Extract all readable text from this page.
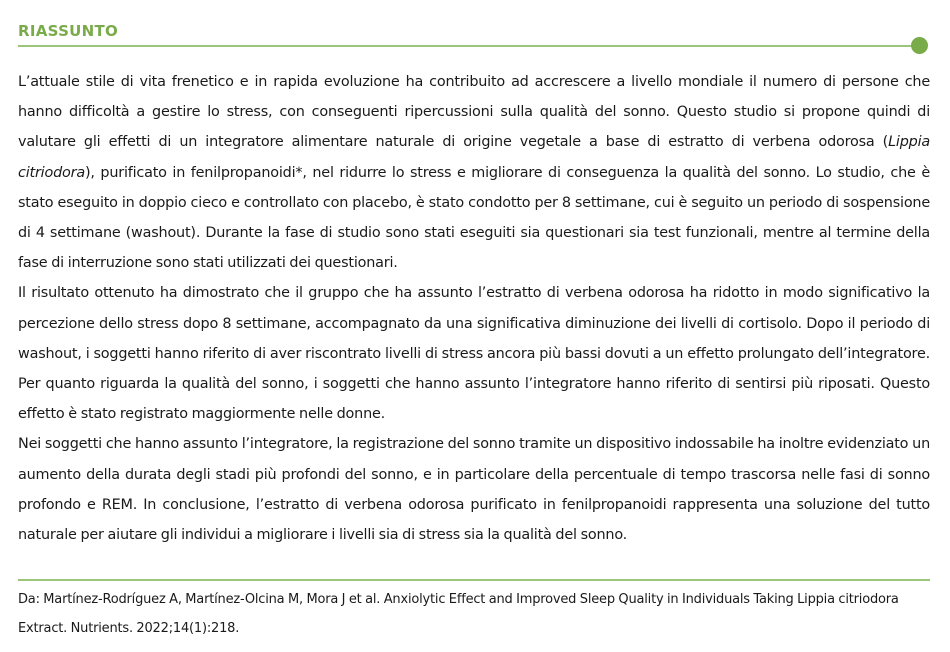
RIASSUNTO

L’attuale stile di vita frenetico e in rapida evoluzione ha contribuito ad accrescere a livello mondiale il numero di persone che hanno difficoltà a gestire lo stress, con conseguenti ripercussioni sulla qualità del sonno. Questo studio si propone quindi di valutare gli effetti di un integratore alimentare naturale di origine vegetale a base di estratto di verbena odorosa (Lippia citriodora), purificato in fenilpropanoidi*, nel ridurre lo stress e migliorare di conseguenza la qualità del sonno. Lo studio, che è stato eseguito in doppio cieco e controllato con placebo, è stato condotto per 8 settimane, cui è seguito un periodo di sospensione di 4 settimane (washout). Durante la fase di studio sono stati eseguiti sia questionari sia test funzionali, mentre al termine della fase di interruzione sono stati utilizzati dei questionari.

Il risultato ottenuto ha dimostrato che il gruppo che ha assunto l’estratto di verbena odorosa ha ridotto in modo significativo la percezione dello stress dopo 8 settimane, accompagnato da una significativa diminuzione dei livelli di cortisolo. Dopo il periodo di washout, i soggetti hanno riferito di aver riscontrato livelli di stress ancora più bassi dovuti a un effetto prolungato dell’integratore. Per quanto riguarda la qualità del sonno, i soggetti che hanno assunto l’integratore hanno riferito di sentirsi più riposati. Questo effetto è stato registrato maggiormente nelle donne.

Nei soggetti che hanno assunto l’integratore, la registrazione del sonno tramite un dispositivo indossabile ha inoltre evidenziato un aumento della durata degli stadi più profondi del sonno, e in particolare della percentuale di tempo trascorsa nelle fasi di sonno profondo e REM. In conclusione, l’estratto di verbena odorosa purificato in fenilpropanoidi rappresenta una soluzione del tutto naturale per aiutare gli individui a migliorare i livelli sia di stress sia la qualità del sonno.

Da: Martínez-Rodríguez A, Martínez-Olcina M, Mora J et al. Anxiolytic Effect and Improved Sleep Quality in Individuals Taking Lippia citriodora Extract. Nutrients. 2022;14(1):218.
